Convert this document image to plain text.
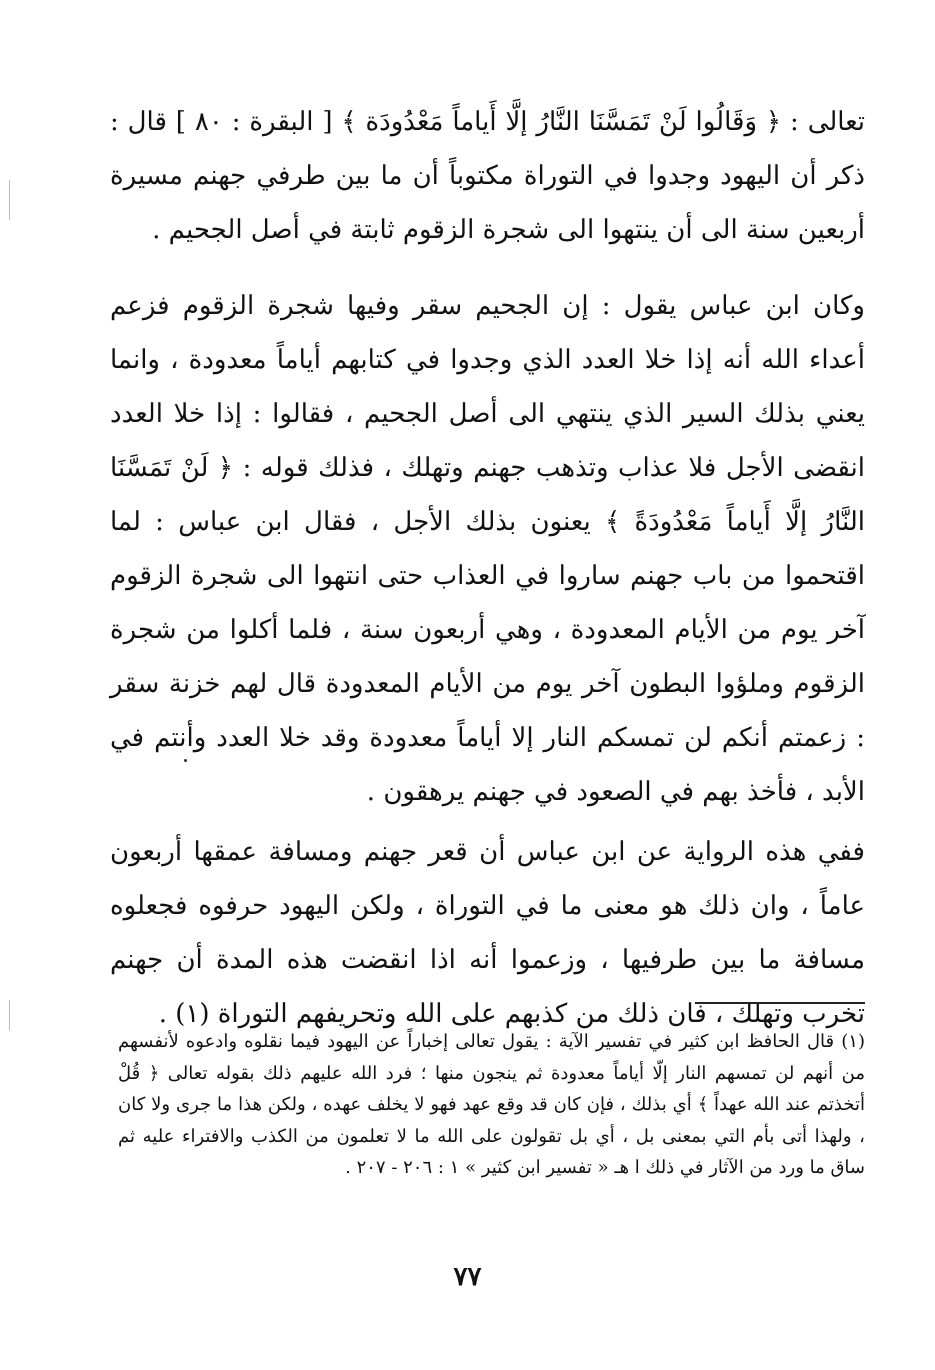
تعالى : ﴿ وَقَالُوا لَنْ تَمَسَّنَا النَّارُ إلَّا أَياماً مَعْدُودَة ﴾ [ البقرة : ٨٠ ] قال : ذكر أن اليهود وجدوا في التوراة مكتوباً أن ما بين طرفي جهنم مسيرة أربعين سنة الى أن ينتهوا الى شجرة الزقوم ثابتة في أصل الجحيم .

وكان ابن عباس يقول : إن الجحيم سقر وفيها شجرة الزقوم فزعم أعداء الله أنه إذا خلا العدد الذي وجدوا في كتابهم أياماً معدودة ، وانما يعني بذلك السير الذي ينتهي الى أصل الجحيم ، فقالوا : إذا خلا العدد انقضى الأجل فلا عذاب وتذهب جهنم وتهلك ، فذلك قوله : ﴿ لَنْ تَمَسَّنَا النَّارُ إلَّا أَياماً مَعْدُودَةً ﴾ يعنون بذلك الأجل ، فقال ابن عباس : لما اقتحموا من باب جهنم ساروا في العذاب حتى انتهوا الى شجرة الزقوم آخر يوم من الأيام المعدودة ، وهي أربعون سنة ، فلما أكلوا من شجرة الزقوم وملؤوا البطون آخر يوم من الأيام المعدودة قال لهم خزنة سقر : زعمتم أنكم لن تمسكم النار إلا أياماً معدودة وقد خلا العدد وأنتم في الأبد ، فأخذ بهم في الصعود في جهنم يرهقون .

ففي هذه الرواية عن ابن عباس أن قعر جهنم ومسافة عمقها أربعون عاماً ، وان ذلك هو معنى ما في التوراة ، ولكن اليهود حرفوه فجعلوه مسافة ما بين طرفيها ، وزعموا أنه اذا انقضت هذه المدة أن جهنم تخرب وتهلك ، فان ذلك من كذبهم على الله وتحريفهم التوراة (١) .

(١) قال الحافظ ابن كثير في تفسير الآية : يقول تعالى إخباراً عن اليهود فيما نقلوه وادعوه لأنفسهم من أنهم لن تمسهم النار إلّا أياماً معدودة ثم ينجون منها ؛ فرد الله عليهم ذلك بقوله تعالى ﴿ قُلْ أتخذتم عند الله عهداً ﴾ أي بذلك ، فإن كان قد وقع عهد فهو لا يخلف عهده ، ولكن هذا ما جرى ولا كان ، ولهذا أتى بأم التي بمعنى بل ، أي بل تقولون على الله ما لا تعلمون من الكذب والافتراء عليه ثم ساق ما ورد من الآثار في ذلك ا هـ « تفسير ابن كثير » ١ : ٢٠٦ - ٢٠٧ .

٧٧
